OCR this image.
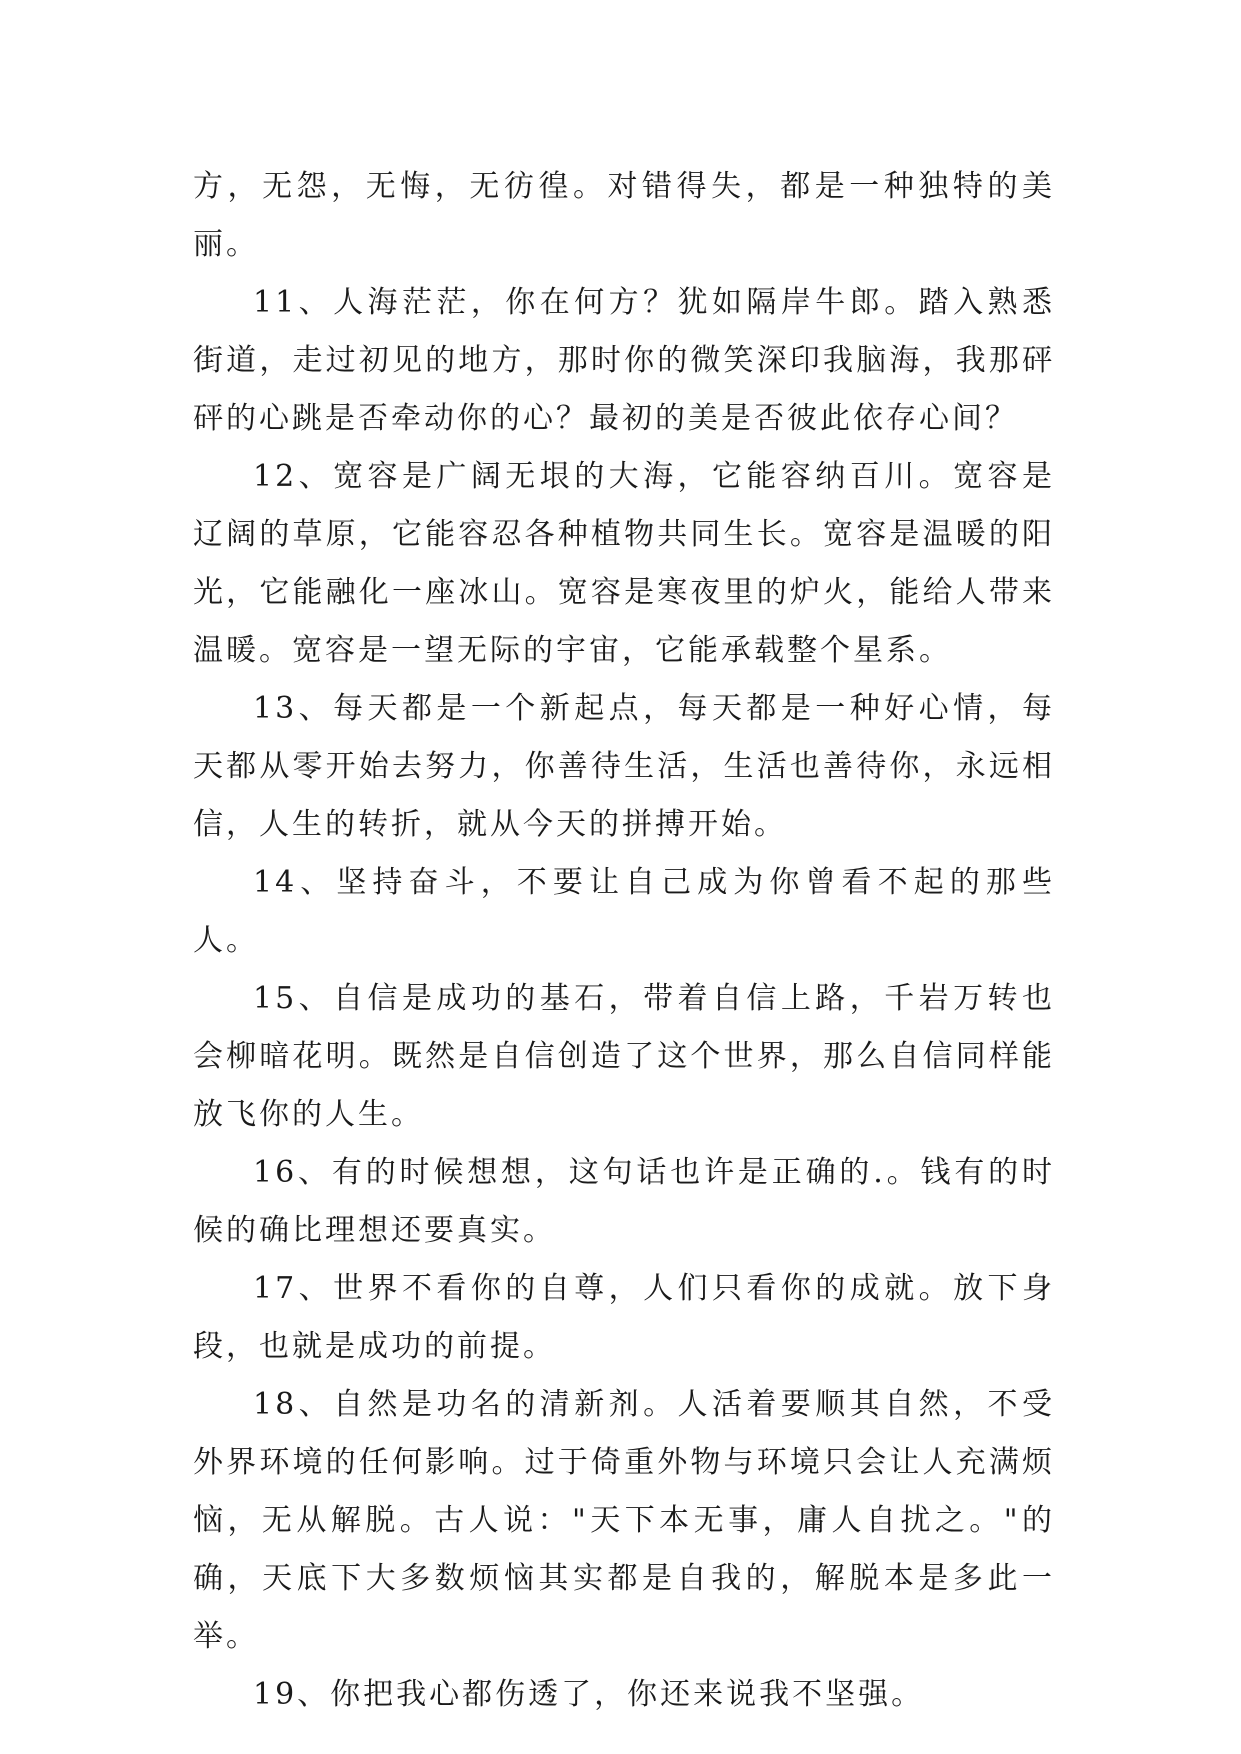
方，无怨，无悔，无彷徨。对错得失，都是一种独特的美丽。

11、人海茫茫，你在何方？犹如隔岸牛郎。踏入熟悉街道，走过初见的地方，那时你的微笑深印我脑海，我那砰砰的心跳是否牵动你的心？最初的美是否彼此依存心间？

12、宽容是广阔无垠的大海，它能容纳百川。宽容是辽阔的草原，它能容忍各种植物共同生长。宽容是温暖的阳光，它能融化一座冰山。宽容是寒夜里的炉火，能给人带来温暖。宽容是一望无际的宇宙，它能承载整个星系。

13、每天都是一个新起点，每天都是一种好心情，每天都从零开始去努力，你善待生活，生活也善待你，永远相信，人生的转折，就从今天的拼搏开始。

14、坚持奋斗，不要让自己成为你曾看不起的那些人。

15、自信是成功的基石，带着自信上路，千岩万转也会柳暗花明。既然是自信创造了这个世界，那么自信同样能放飞你的人生。

16、有的时候想想，这句话也许是正确的.。钱有的时候的确比理想还要真实。

17、世界不看你的自尊，人们只看你的成就。放下身段，也就是成功的前提。

18、自然是功名的清新剂。人活着要顺其自然，不受外界环境的任何影响。过于倚重外物与环境只会让人充满烦恼，无从解脱。古人说："天下本无事，庸人自扰之。"的确，天底下大多数烦恼其实都是自我的，解脱本是多此一举。

19、你把我心都伤透了，你还来说我不坚强。
